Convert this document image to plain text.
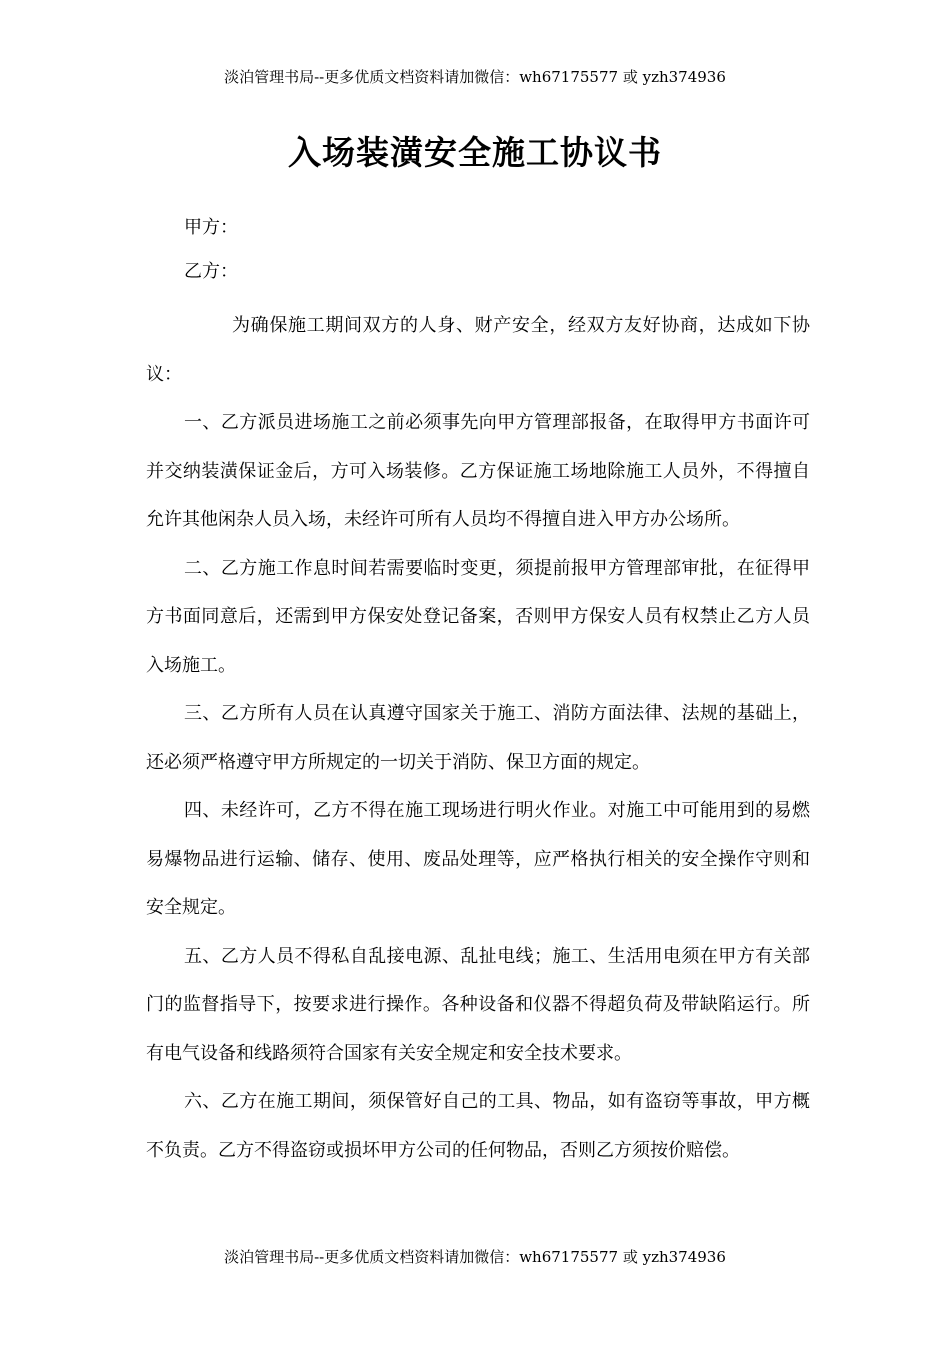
淡泊管理书局--更多优质文档资料请加微信：wh67175577 或 yzh374936
入场装潢安全施工协议书
甲方：
乙方：

为确保施工期间双方的人身、财产安全，经双方友好协商，达成如下协议：

一、乙方派员进场施工之前必须事先向甲方管理部报备，在取得甲方书面许可并交纳装潢保证金后，方可入场装修。乙方保证施工场地除施工人员外，不得擅自允许其他闲杂人员入场，未经许可所有人员均不得擅自进入甲方办公场所。

二、乙方施工作息时间若需要临时变更，须提前报甲方管理部审批，在征得甲方书面同意后，还需到甲方保安处登记备案，否则甲方保安人员有权禁止乙方人员入场施工。

三、乙方所有人员在认真遵守国家关于施工、消防方面法律、法规的基础上，还必须严格遵守甲方所规定的一切关于消防、保卫方面的规定。

四、未经许可，乙方不得在施工现场进行明火作业。对施工中可能用到的易燃易爆物品进行运输、储存、使用、废品处理等，应严格执行相关的安全操作守则和安全规定。

五、乙方人员不得私自乱接电源、乱扯电线；施工、生活用电须在甲方有关部门的监督指导下，按要求进行操作。各种设备和仪器不得超负荷及带缺陷运行。所有电气设备和线路须符合国家有关安全规定和安全技术要求。

六、乙方在施工期间，须保管好自己的工具、物品，如有盗窃等事故，甲方概不负责。乙方不得盗窃或损坏甲方公司的任何物品，否则乙方须按价赔偿。

淡泊管理书局--更多优质文档资料请加微信：wh67175577 或 yzh374936
